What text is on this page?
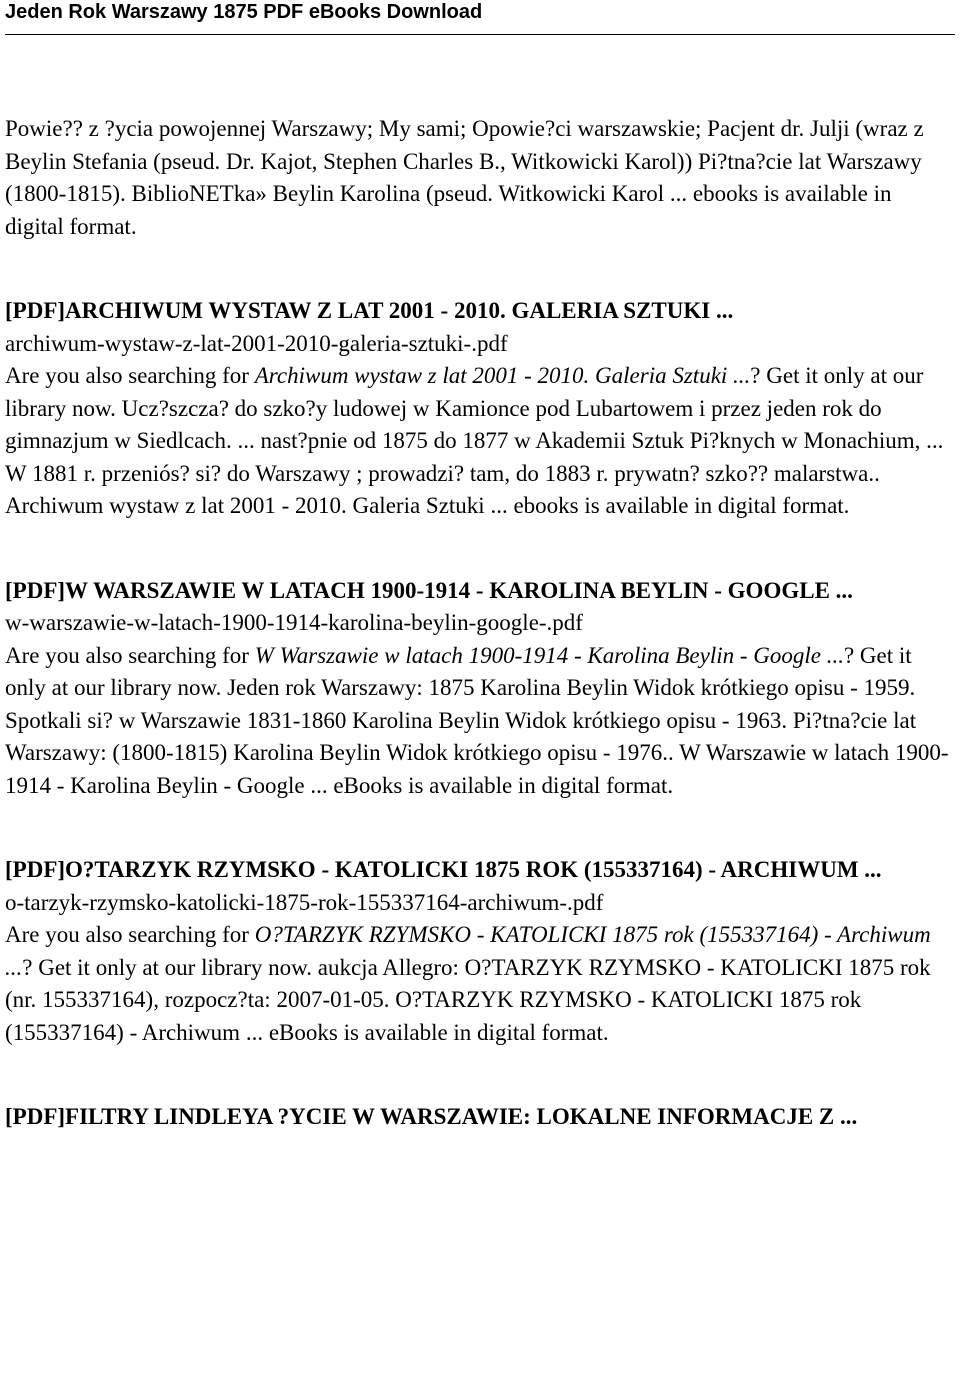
Jeden Rok Warszawy 1875 PDF eBooks Download

Powie?? z ?ycia powojennej Warszawy; My sami; Opowie?ci warszawskie; Pacjent dr. Julji (wraz z Beylin Stefania (pseud. Dr. Kajot, Stephen Charles B., Witkowicki Karol)) Pi?tna?cie lat Warszawy (1800-1815). BiblioNETka» Beylin Karolina (pseud. Witkowicki Karol ... ebooks is available in digital format.

[PDF]ARCHIWUM WYSTAW Z LAT 2001 - 2010. GALERIA SZTUKI ...

archiwum-wystaw-z-lat-2001-2010-galeria-sztuki-.pdf

Are you also searching for Archiwum wystaw z lat 2001 - 2010. Galeria Sztuki ...? Get it only at our library now. Ucz?szcza? do szko?y ludowej w Kamionce pod Lubartowem i przez jeden rok do gimnazjum w Siedlcach. ... nast?pnie od 1875 do 1877 w Akademii Sztuk Pi?knych w Monachium, ... W 1881 r. przeniós? si? do Warszawy ; prowadzi? tam, do 1883 r. prywatn? szko?? malarstwa.. Archiwum wystaw z lat 2001 - 2010. Galeria Sztuki ... ebooks is available in digital format.

[PDF]W WARSZAWIE W LATACH 1900-1914 - KAROLINA BEYLIN - GOOGLE ...

w-warszawie-w-latach-1900-1914-karolina-beylin-google-.pdf

Are you also searching for W Warszawie w latach 1900-1914 - Karolina Beylin - Google ...? Get it only at our library now. Jeden rok Warszawy: 1875 Karolina Beylin Widok krótkiego opisu - 1959. Spotkali si? w Warszawie 1831-1860 Karolina Beylin Widok krótkiego opisu - 1963. Pi?tna?cie lat Warszawy: (1800-1815) Karolina Beylin Widok krótkiego opisu - 1976.. W Warszawie w latach 1900-1914 - Karolina Beylin - Google ... eBooks is available in digital format.

[PDF]O?TARZYK RZYMSKO - KATOLICKI 1875 ROK (155337164) - ARCHIWUM ...

o-tarzyk-rzymsko-katolicki-1875-rok-155337164-archiwum-.pdf

Are you also searching for O?TARZYK RZYMSKO - KATOLICKI 1875 rok (155337164) - Archiwum ...? Get it only at our library now. aukcja Allegro: O?TARZYK RZYMSKO - KATOLICKI 1875 rok (nr. 155337164), rozpocz?ta: 2007-01-05. O?TARZYK RZYMSKO - KATOLICKI 1875 rok (155337164) - Archiwum ... eBooks is available in digital format.

[PDF]FILTRY LINDLEYA ?YCIE W WARSZAWIE: LOKALNE INFORMACJE Z ...
